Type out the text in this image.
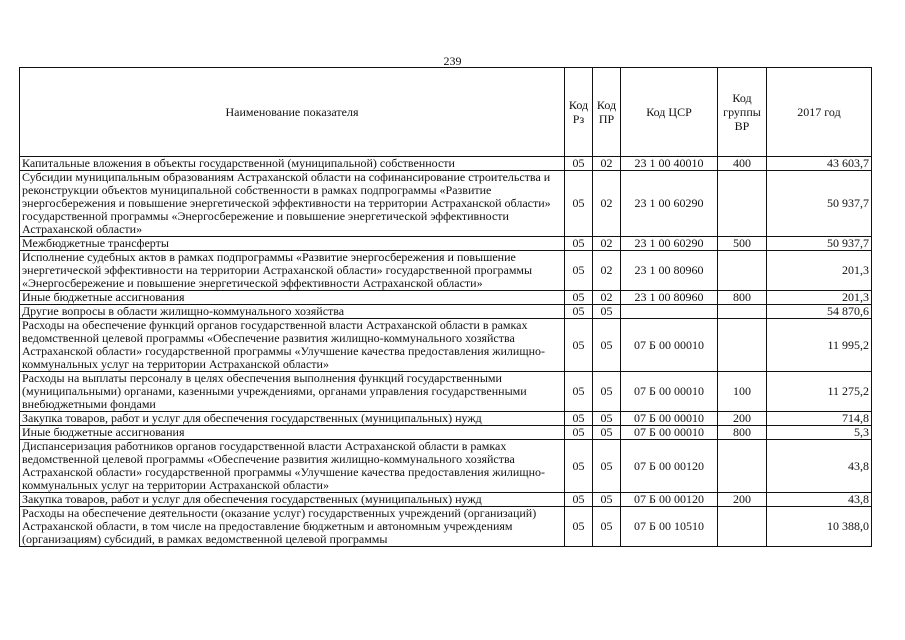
239
Наименование показателя	Код Рз	Код ПР	Код ЦСР	Код группы ВР	2017 год
Капитальные вложения в объекты государственной (муниципальной) собственности	05	02	23 1 00 40010	400	43 603,7
Субсидии муниципальным образованиям Астраханской области на софинансирование строительства и реконструкции объектов муниципальной собственности в рамках подпрограммы «Развитие энергосбережения и повышение энергетической эффективности на территории Астраханской области» государственной программы «Энергосбережение и повышение энергетической эффективности Астраханской области»	05	02	23 1 00 60290		50 937,7
Межбюджетные трансферты	05	02	23 1 00 60290	500	50 937,7
Исполнение судебных актов в рамках подпрограммы «Развитие энергосбережения и повышение энергетической эффективности на территории Астраханской области» государственной программы «Энергосбережение и повышение энергетической эффективности Астраханской области»	05	02	23 1 00 80960		201,3
Иные бюджетные ассигнования	05	02	23 1 00 80960	800	201,3
Другие вопросы в области жилищно-коммунального хозяйства	05	05			54 870,6
Расходы на обеспечение функций органов государственной власти Астраханской области в рамках ведомственной целевой программы «Обеспечение развития жилищно-коммунального хозяйства Астраханской области» государственной программы «Улучшение качества предоставления жилищно-коммунальных услуг на территории Астраханской области»	05	05	07 Б 00 00010		11 995,2
Расходы на выплаты персоналу в целях обеспечения выполнения функций государственными (муниципальными) органами, казенными учреждениями, органами управления государственными внебюджетными фондами	05	05	07 Б 00 00010	100	11 275,2
Закупка товаров, работ и услуг для обеспечения государственных (муниципальных) нужд	05	05	07 Б 00 00010	200	714,8
Иные бюджетные ассигнования	05	05	07 Б 00 00010	800	5,3
Диспансеризация работников органов государственной власти Астраханской области в рамках ведомственной целевой программы «Обеспечение развития жилищно-коммунального хозяйства Астраханской области» государственной программы «Улучшение качества предоставления жилищно-коммунальных услуг на территории Астраханской области»	05	05	07 Б 00 00120		43,8
Закупка товаров, работ и услуг для обеспечения государственных (муниципальных) нужд	05	05	07 Б 00 00120	200	43,8
Расходы на обеспечение деятельности (оказание услуг) государственных учреждений (организаций) Астраханской области, в том числе на предоставление бюджетным и автономным учреждениям (организациям) субсидий, в рамках ведомственной целевой программы	05	05	07 Б 00 10510		10 388,0
